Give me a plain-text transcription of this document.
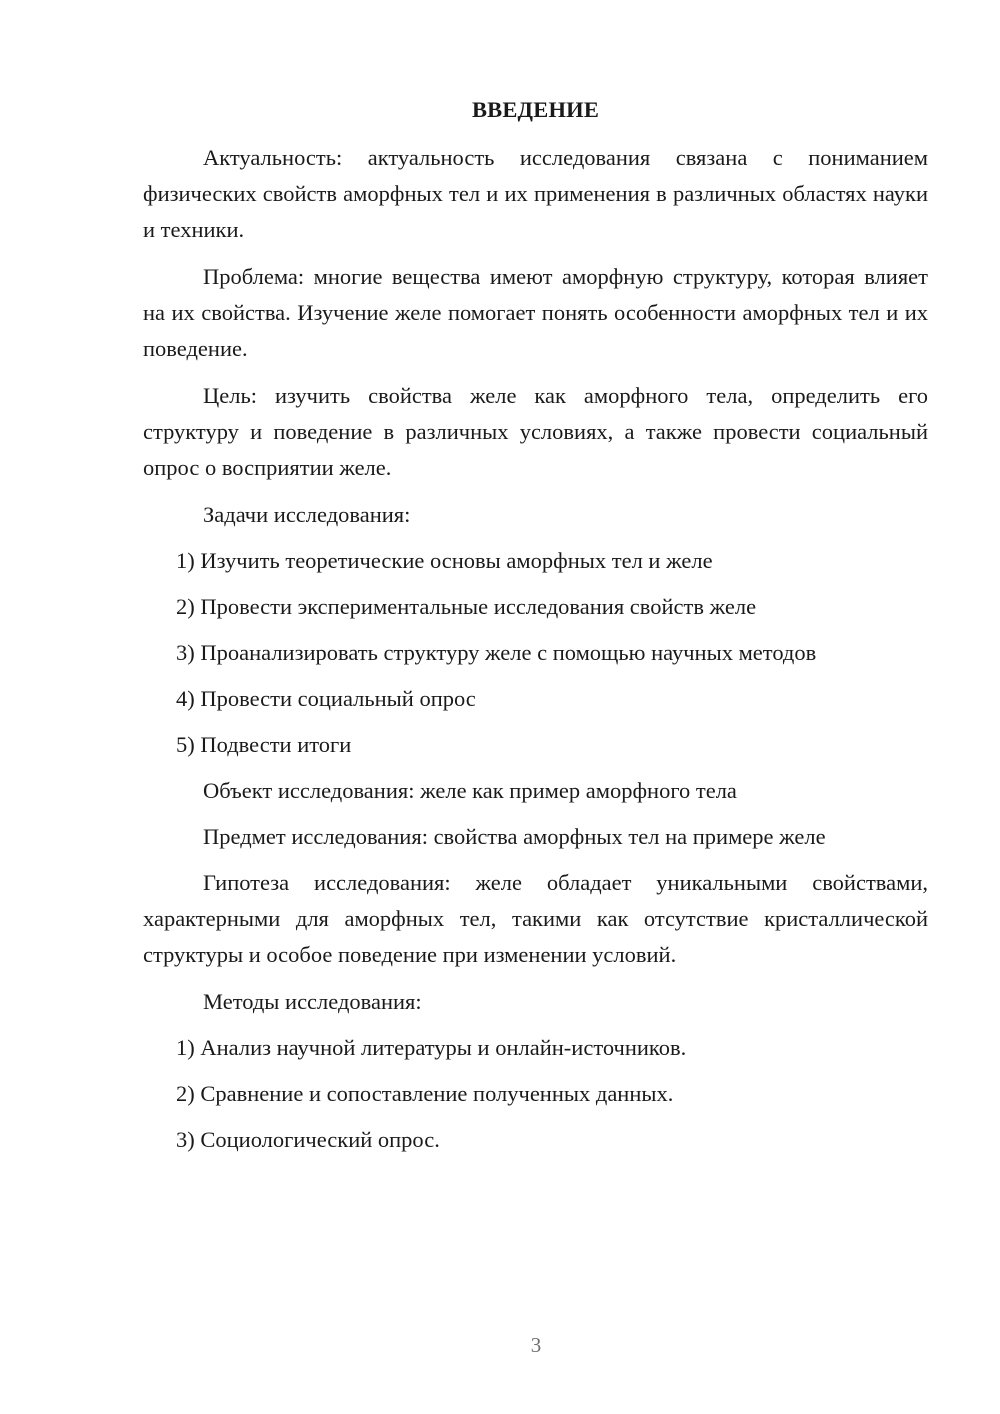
ВВЕДЕНИЕ

Актуальность: актуальность исследования связана с пониманием физических свойств аморфных тел и их применения в различных областях науки и техники.

Проблема: многие вещества имеют аморфную структуру, которая влияет на их свойства. Изучение желе помогает понять особенности аморфных тел и их поведение.

Цель: изучить свойства желе как аморфного тела, определить его структуру и поведение в различных условиях, а также провести социальный опрос о восприятии желе.

Задачи исследования:

1) Изучить теоретические основы аморфных тел и желе

2) Провести экспериментальные исследования свойств желе

3) Проанализировать структуру желе с помощью научных методов

4) Провести социальный опрос

5) Подвести итоги

Объект исследования: желе как пример аморфного тела

Предмет исследования: свойства аморфных тел на примере желе

Гипотеза исследования: желе обладает уникальными свойствами, характерными для аморфных тел, такими как отсутствие кристаллической структуры и особое поведение при изменении условий.

Методы исследования:

1) Анализ научной литературы и онлайн-источников.

2) Сравнение и сопоставление полученных данных.

3) Социологический опрос.

3
